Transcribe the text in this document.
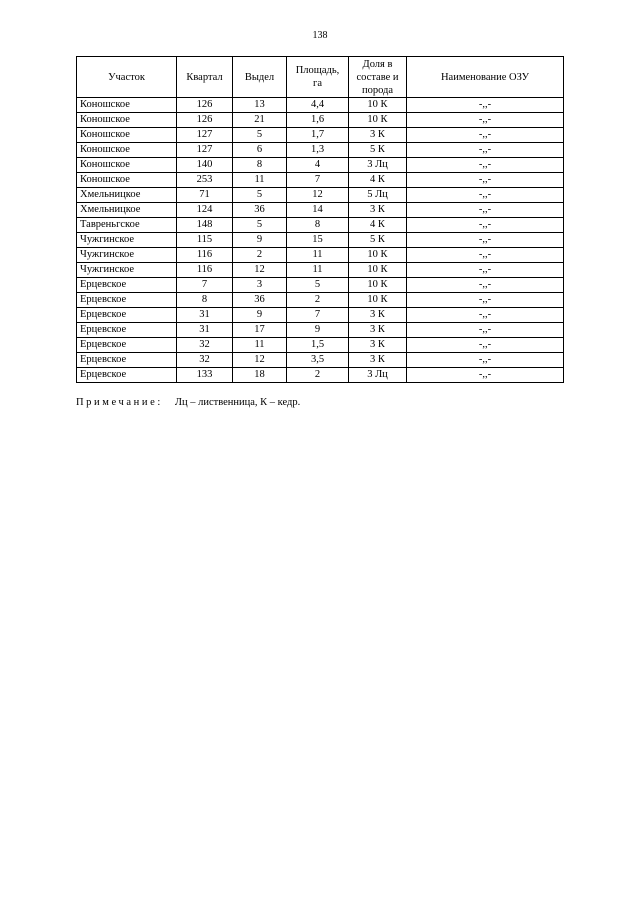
138
Участок	Квартал	Выдел	Площадь, га	Доля в составе и порода	Наименование ОЗУ
Коношское	126	13	4,4	10 К	-,,-
Коношское	126	21	1,6	10 К	-,,-
Коношское	127	5	1,7	3 К	-,,-
Коношское	127	6	1,3	5 К	-,,-
Коношское	140	8	4	3 Лц	-,,-
Коношское	253	11	7	4 К	-,,-
Хмельницкое	71	5	12	5 Лц	-,,-
Хмельницкое	124	36	14	3 К	-,,-
Тавреньгское	148	5	8	4 К	-,,-
Чужгинское	115	9	15	5 К	-,,-
Чужгинское	116	2	11	10 К	-,,-
Чужгинское	116	12	11	10 К	-,,-
Ерцевское	7	3	5	10 К	-,,-
Ерцевское	8	36	2	10 К	-,,-
Ерцевское	31	9	7	3 К	-,,-
Ерцевское	31	17	9	3 К	-,,-
Ерцевское	32	11	1,5	3 К	-,,-
Ерцевское	32	12	3,5	3 К	-,,-
Ерцевское	133	18	2	3 Лц	-,,-
Примечание: Лц – лиственница, К – кедр.
